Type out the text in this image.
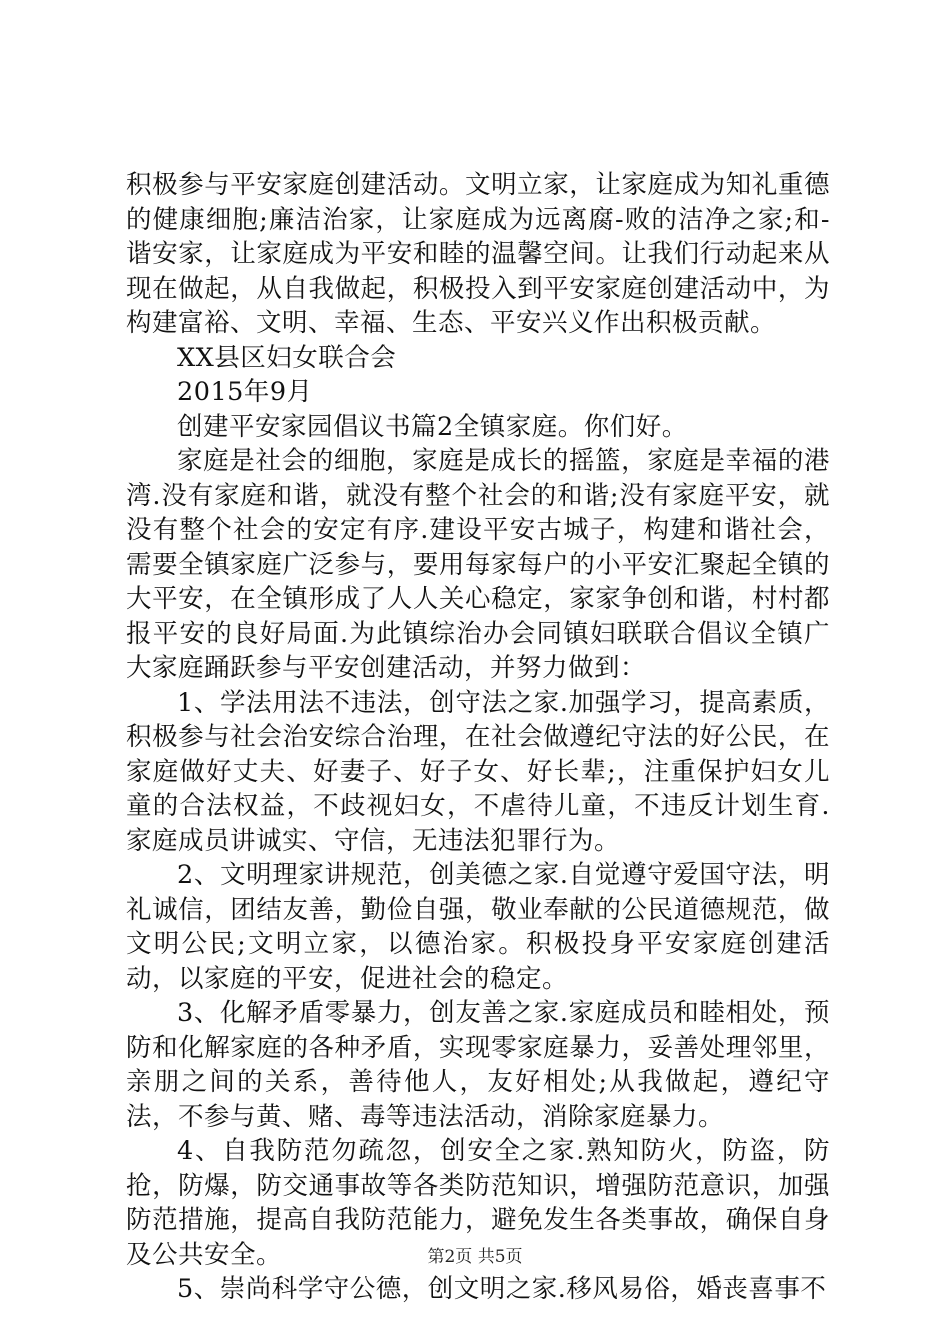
积极参与平安家庭创建活动。文明立家，让家庭成为知礼重德的健康细胞;廉洁治家，让家庭成为远离腐-败的洁净之家;和-谐安家，让家庭成为平安和睦的温馨空间。让我们行动起来从现在做起，从自我做起，积极投入到平安家庭创建活动中，为构建富裕、文明、幸福、生态、平安兴义作出积极贡献。

XX县区妇女联合会

2015年9月

创建平安家园倡议书篇2全镇家庭。你们好。

家庭是社会的细胞，家庭是成长的摇篮，家庭是幸福的港湾.没有家庭和谐，就没有整个社会的和谐;没有家庭平安，就没有整个社会的安定有序.建设平安古城子，构建和谐社会，需要全镇家庭广泛参与，要用每家每户的小平安汇聚起全镇的大平安，在全镇形成了人人关心稳定，家家争创和谐，村村都报平安的良好局面.为此镇综治办会同镇妇联联合倡议全镇广大家庭踊跃参与平安创建活动，并努力做到：

1、学法用法不违法，创守法之家.加强学习，提高素质，积极参与社会治安综合治理，在社会做遵纪守法的好公民，在家庭做好丈夫、好妻子、好子女、好长辈;，注重保护妇女儿童的合法权益，不歧视妇女，不虐待儿童，不违反计划生育.家庭成员讲诚实、守信，无违法犯罪行为。

2、文明理家讲规范，创美德之家.自觉遵守爱国守法，明礼诚信，团结友善，勤俭自强，敬业奉献的公民道德规范，做文明公民;文明立家，以德治家。积极投身平安家庭创建活动，以家庭的平安，促进社会的稳定。

3、化解矛盾零暴力，创友善之家.家庭成员和睦相处，预防和化解家庭的各种矛盾，实现零家庭暴力，妥善处理邻里，亲朋之间的关系，善待他人，友好相处;从我做起，遵纪守法，不参与黄、赌、毒等违法活动，消除家庭暴力。

4、自我防范勿疏忽，创安全之家.熟知防火，防盗，防抢，防爆，防交通事故等各类防范知识，增强防范意识，加强防范措施，提高自我防范能力，避免发生各类事故，确保自身及公共安全。

5、崇尚科学守公德，创文明之家.移风易俗，婚丧喜事不

第2页 共5页
